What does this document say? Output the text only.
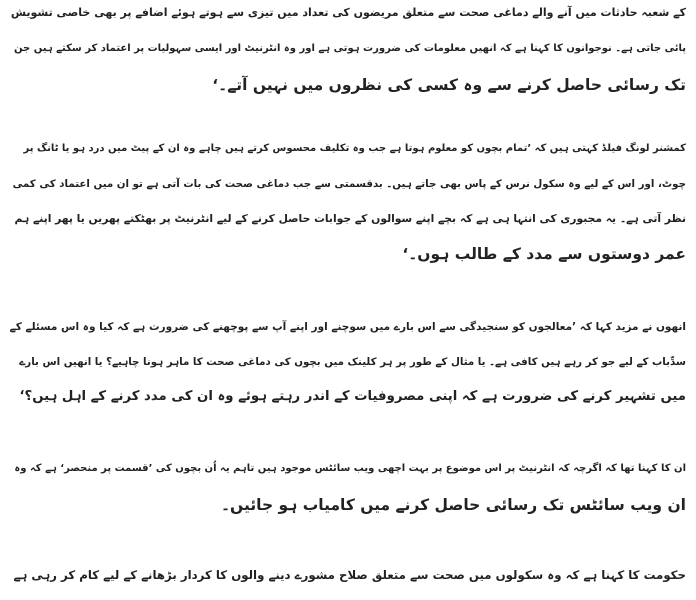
کے شعبہ حادثات میں آنے والے دماغی صحت سے متعلق مریضوں کی تعداد میں تیزی سے ہوتے ہوئے اضافے پر بھی خاصی تشویش
پائی جاتی ہے۔ نوجوانوں کا کہنا ہے کہ انھیں معلومات کی ضرورت ہوتی ہے اور وہ انٹرنیٹ اور ایسی سہولیات پر اعتماد کر سکتے ہیں جن
تک رسائی حاصل کرنے سے وہ کسی کی نظروں میں نہیں آتے۔‘
کمشنر لونگ فیلڈ کہتی ہیں کہ ’تمام بچوں کو معلوم ہوتا ہے جب وہ تکلیف محسوس کرتے ہیں چاہے وہ ان کے پیٹ میں درد ہو یا ٹانگ پر
چوٹ، اور اس کے لیے وہ سکول نرس کے پاس بھی جاتے ہیں۔ بدقسمتی سے جب دماغی صحت کی بات آتی ہے تو ان میں اعتماد کی کمی
نظر آتی ہے۔ یہ مجبوری کی انتہا ہی ہے کہ بچے اپنے سوالوں کے جوابات حاصل کرنے کے لیے انٹرنیٹ پر بھٹکتے پھریں یا پھر اپنے ہم
عمر دوستوں سے مدد کے طالب ہوں۔‘
انھوں نے مزید کہا کہ ’معالجوں کو سنجیدگی سے اس بارے میں سوچنے اور اپنے آپ سے پوچھنے کی ضرورت ہے کہ کیا وہ اس مسئلے کے
سدِّباب کے لیے جو کر رہے ہیں کافی ہے۔ یا مثال کے طور پر ہر کلینک میں بچوں کی دماغی صحت کا ماہر ہونا چاہیے؟ یا انھیں اس بارے
میں تشہیر کرنے کی ضرورت ہے کہ اپنی مصروفیات کے اندر رہتے ہوئے وہ ان کی مدد کرنے کے اہل ہیں؟‘
ان کا کہنا تھا کہ اگرچہ کہ انٹرنیٹ پر اس موضوع پر بہت اچھی ویب سائٹس موجود ہیں تاہم یہ اُن بچوں کی ’قسمت پر منحصر‘ ہے کہ وہ
ان ویب سائٹس تک رسائی حاصل کرنے میں کامیاب ہو جائیں۔
حکومت کا کہنا ہے کہ وہ سکولوں میں صحت سے متعلق صلاح مشورے دینے والوں کا کردار بڑھانے کے لیے کام کر رہی ہے
